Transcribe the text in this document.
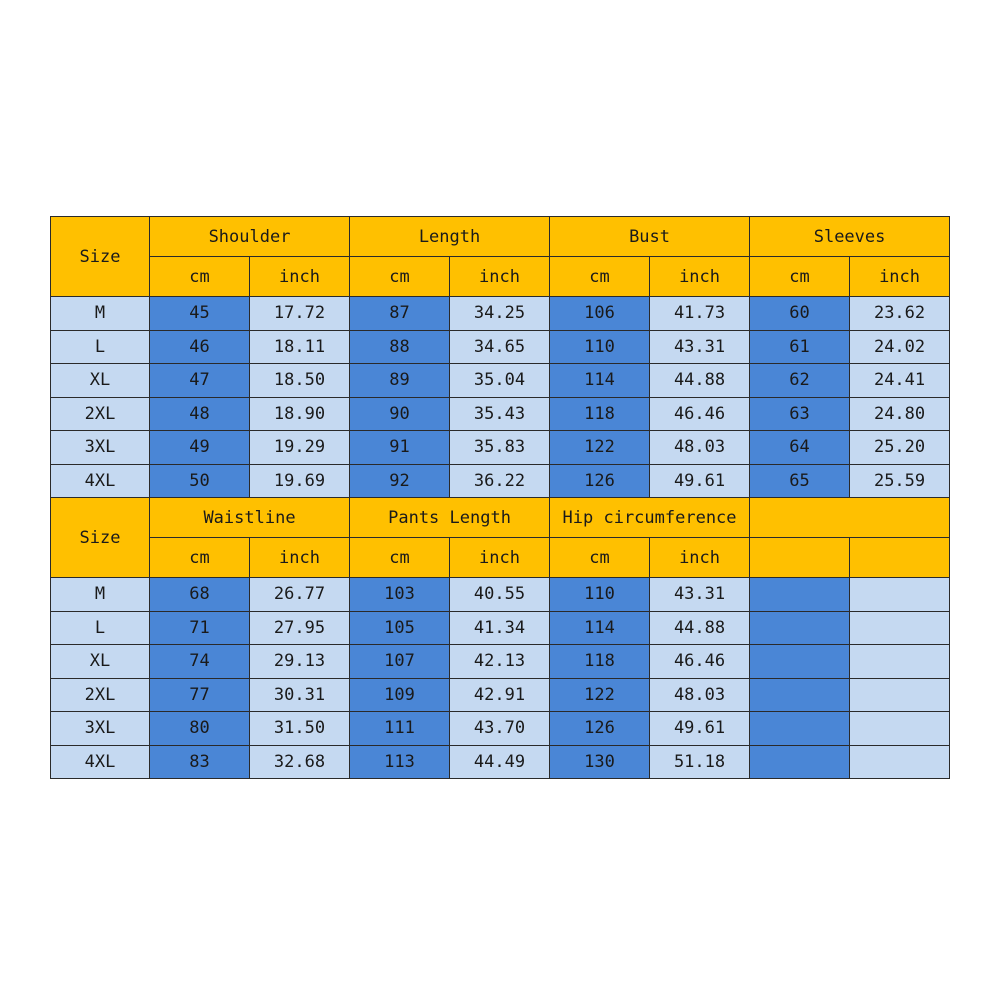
Size	Shoulder		Length		Bust		Sleeves	
	cm	inch	cm	inch	cm	inch	cm	inch
M	45	17.72	87	34.25	106	41.73	60	23.62
L	46	18.11	88	34.65	110	43.31	61	24.02
XL	47	18.50	89	35.04	114	44.88	62	24.41
2XL	48	18.90	90	35.43	118	46.46	63	24.80
3XL	49	19.29	91	35.83	122	48.03	64	25.20
4XL	50	19.69	92	36.22	126	49.61	65	25.59
Size	Waistline		Pants Length		Hip circumference			
	cm	inch	cm	inch	cm	inch		
M	68	26.77	103	40.55	110	43.31		
L	71	27.95	105	41.34	114	44.88		
XL	74	29.13	107	42.13	118	46.46		
2XL	77	30.31	109	42.91	122	48.03		
3XL	80	31.50	111	43.70	126	49.61		
4XL	83	32.68	113	44.49	130	51.18		
